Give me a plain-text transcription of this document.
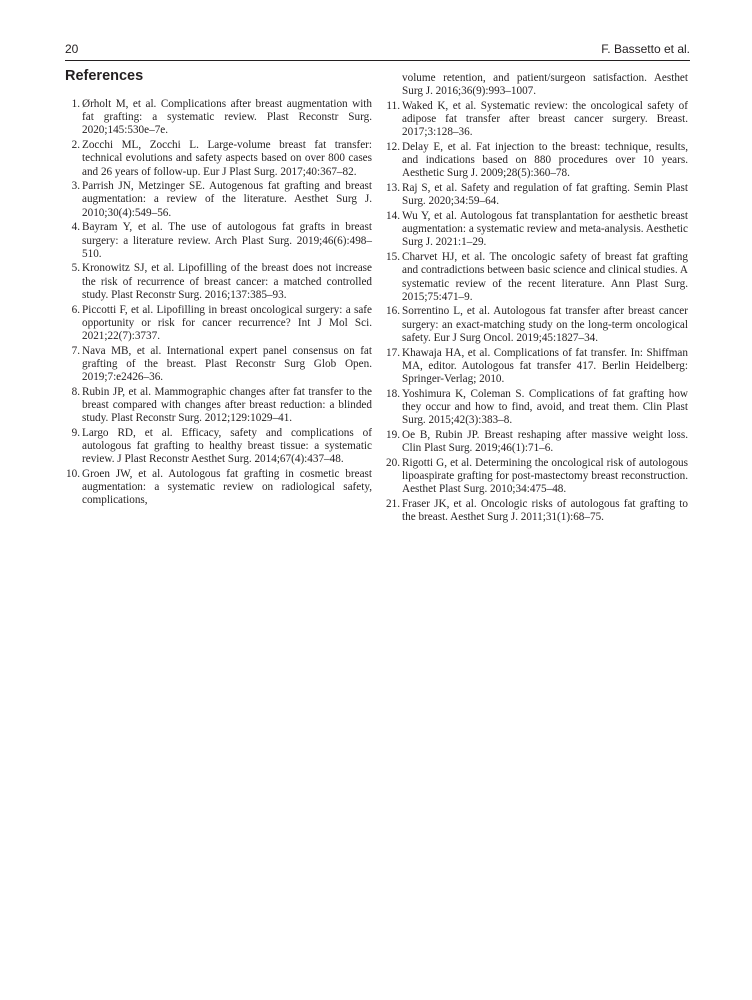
20	F. Bassetto et al.
References
1. Ørholt M, et al. Complications after breast augmentation with fat grafting: a systematic review. Plast Reconstr Surg. 2020;145:530e–7e.
2. Zocchi ML, Zocchi L. Large-volume breast fat transfer: technical evolutions and safety aspects based on over 800 cases and 26 years of follow-up. Eur J Plast Surg. 2017;40:367–82.
3. Parrish JN, Metzinger SE. Autogenous fat grafting and breast augmentation: a review of the literature. Aesthet Surg J. 2010;30(4):549–56.
4. Bayram Y, et al. The use of autologous fat grafts in breast surgery: a literature review. Arch Plast Surg. 2019;46(6):498–510.
5. Kronowitz SJ, et al. Lipofilling of the breast does not increase the risk of recurrence of breast cancer: a matched controlled study. Plast Reconstr Surg. 2016;137:385–93.
6. Piccotti F, et al. Lipofilling in breast oncological surgery: a safe opportunity or risk for cancer recurrence? Int J Mol Sci. 2021;22(7):3737.
7. Nava MB, et al. International expert panel consensus on fat grafting of the breast. Plast Reconstr Surg Glob Open. 2019;7:e2426–36.
8. Rubin JP, et al. Mammographic changes after fat transfer to the breast compared with changes after breast reduction: a blinded study. Plast Reconstr Surg. 2012;129:1029–41.
9. Largo RD, et al. Efficacy, safety and complications of autologous fat grafting to healthy breast tissue: a systematic review. J Plast Reconstr Aesthet Surg. 2014;67(4):437–48.
10. Groen JW, et al. Autologous fat grafting in cosmetic breast augmentation: a systematic review on radiological safety, complications,
volume retention, and patient/surgeon satisfaction. Aesthet Surg J. 2016;36(9):993–1007.
11. Waked K, et al. Systematic review: the oncological safety of adipose fat transfer after breast cancer surgery. Breast. 2017;3:128–36.
12. Delay E, et al. Fat injection to the breast: technique, results, and indications based on 880 procedures over 10 years. Aesthetic Surg J. 2009;28(5):360–78.
13. Raj S, et al. Safety and regulation of fat grafting. Semin Plast Surg. 2020;34:59–64.
14. Wu Y, et al. Autologous fat transplantation for aesthetic breast augmentation: a systematic review and meta-analysis. Aesthetic Surg J. 2021:1–29.
15. Charvet HJ, et al. The oncologic safety of breast fat grafting and contradictions between basic science and clinical studies. A systematic review of the recent literature. Ann Plast Surg. 2015;75:471–9.
16. Sorrentino L, et al. Autologous fat transfer after breast cancer surgery: an exact-matching study on the long-term oncological safety. Eur J Surg Oncol. 2019;45:1827–34.
17. Khawaja HA, et al. Complications of fat transfer. In: Shiffman MA, editor. Autologous fat transfer 417. Berlin Heidelberg: Springer-Verlag; 2010.
18. Yoshimura K, Coleman S. Complications of fat grafting how they occur and how to find, avoid, and treat them. Clin Plast Surg. 2015;42(3):383–8.
19. Oe B, Rubin JP. Breast reshaping after massive weight loss. Clin Plast Surg. 2019;46(1):71–6.
20. Rigotti G, et al. Determining the oncological risk of autologous lipoaspirate grafting for post-mastectomy breast reconstruction. Aesthet Plast Surg. 2010;34:475–48.
21. Fraser JK, et al. Oncologic risks of autologous fat grafting to the breast. Aesthet Surg J. 2011;31(1):68–75.
